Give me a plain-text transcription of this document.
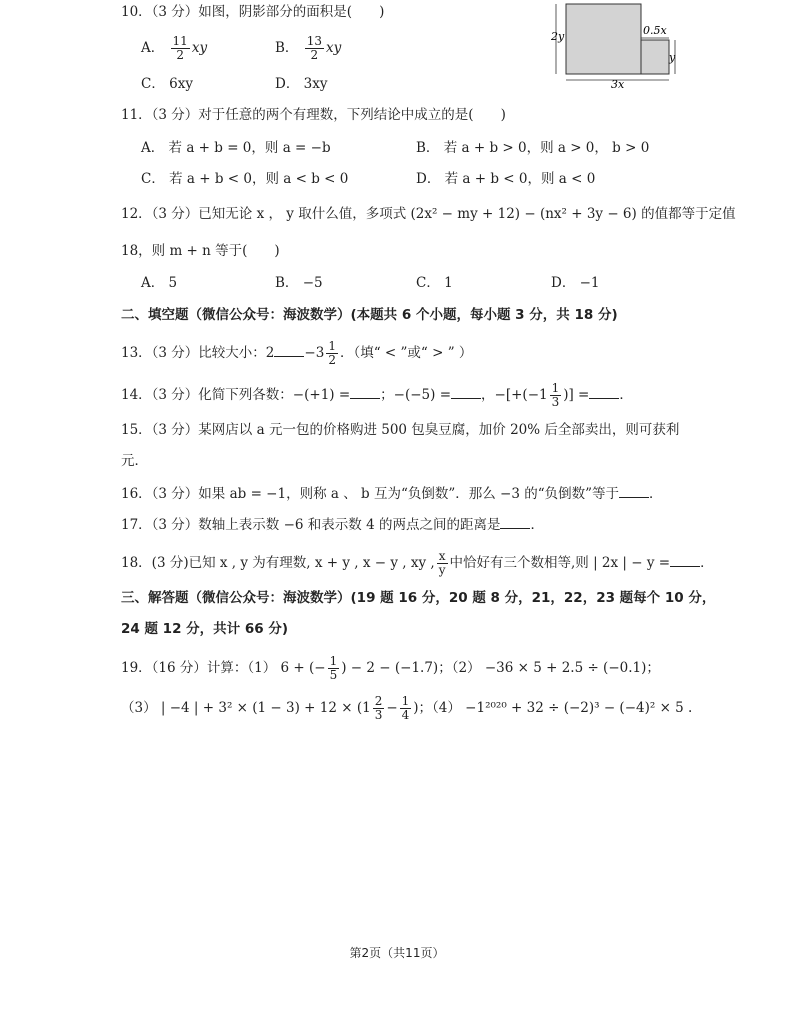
10．（3 分）如图，阴影部分的面积是(　　)
A． $\frac{11}{2}$ xy	B． $\frac{13}{2}$ xy
C． 6xy	D． 3xy
2y	0.5x
y
3x
11．（3 分）对于任意的两个有理数，下列结论中成立的是(　　)
A． 若 a + b = 0，则 a = −b	B． 若 a + b > 0，则 a > 0， b > 0
C． 若 a + b < 0，则 a < b < 0	D． 若 a + b < 0，则 a < 0
12．（3 分）已知无论 x ， y 取什么值，多项式 (2x² − my + 12) − (nx² + 3y − 6) 的值都等于定值
18，则 m + n 等于(　　)
A． 5	B． −5	C． 1	D． −1
二、填空题（微信公众号：海波数学）(本题共 6 个小题，每小题 3 分，共 18 分)
13．（3 分）比较大小：$2 -3 \frac{1}{2}$ ．（填“ < ”或“ > ” ）
14．（3 分）化简下列各数：−(+1) = ；−(−5) = ，$-[+(-1 \frac{1}{3}$ )] = ．
15．（3 分）某网店以 a 元一包的价格购进 500 包臭豆腐，加价 20% 后全部卖出，则可获利
元．
16．（3 分）如果 ab = −1，则称 a 、 b 互为“负倒数”．那么 −3 的“负倒数”等于 ．
17．（3 分）数轴上表示数 −6 和表示数 4 的两点之间的距离是 ．
18．(3 分)已知 x , y 为有理数, x + y , x − y , xy , $\frac{x}{y}$ 中恰好有三个数相等,则 | 2x | − y = ．
三、解答题（微信公众号：海波数学）(19 题 16 分，20 题 8 分，21，22，23 题每个 10 分，
24 题 12 分，共计 66 分)
19．（16 分）计算：（1） 6 + (− $\frac{1}{5}$ ) − 2 − (−1.7)；（2） −36 × 5 + 2.5 ÷ (−0.1)；
（3） | −4 | + $3^2 \times (1 - 3) + 12 \times (1 \frac{2}{3} - \frac{1}{4}$ )；（4） −1²⁰²⁰ + 32 ÷ (−2)³ − (−4)² × 5 .
第2页（共11页）
